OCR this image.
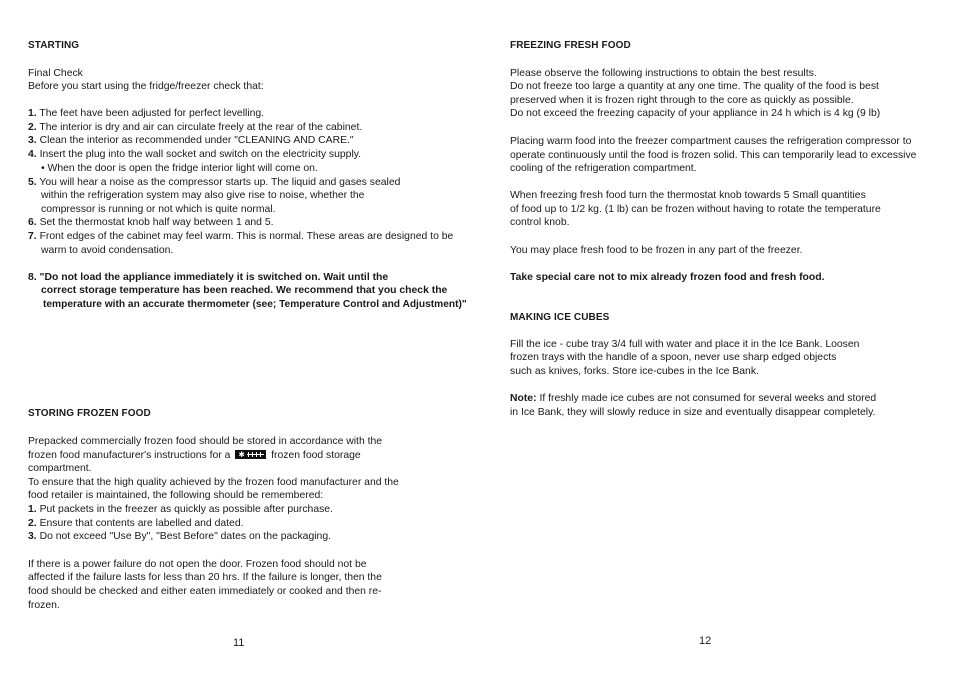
STARTING
Final Check
Before you start using the fridge/freezer check that:
1. The feet have been adjusted for perfect levelling.
2. The interior is dry and air can circulate freely at the rear of the cabinet.
3. Clean the interior as recommended under "CLEANING AND CARE."
4. Insert the plug into the wall socket and switch on the electricity supply.
• When the door is open the fridge interior light will come on.
5. You will hear a noise as the compressor starts up. The liquid and gases sealed
within the refrigeration system may also give rise to noise, whether the
compressor is running or not which is quite normal.
6. Set the thermostat knob half way between 1 and 5.
7. Front edges of the cabinet may feel warm. This is normal. These areas are designed to be
warm to avoid condensation.
8. "Do not load the appliance immediately it is switched on. Wait until the
correct storage temperature has been reached. We recommend that you check the
temperature with an accurate thermometer (see; Temperature Control and Adjustment)"
STORING FROZEN FOOD
Prepacked commercially frozen food should be stored in accordance with the
frozen food manufacturer's instructions for a ✱	frozen food storage
compartment.
To ensure that the high quality achieved by the frozen food manufacturer and the
food retailer is maintained, the following should be remembered:
1. Put packets in the freezer as quickly as possible after purchase.
2. Ensure that contents are labelled and dated.
3. Do not exceed "Use By", "Best Before" dates on the packaging.
If there is a power failure do not open the door. Frozen food should not be
affected if the failure lasts for less than 20 hrs. If the failure is longer, then the
food should be checked and either eaten immediately or cooked and then re-
frozen.
11
FREEZING FRESH FOOD
Please observe the following instructions to obtain the best results.
Do not freeze too large a quantity at any one time. The quality of the food is best
preserved when it is frozen right through to the core as quickly as possible.
Do not exceed the freezing capacity of your appliance in 24 h which is 4 kg (9 lb)
Placing warm food into the freezer compartment causes the refrigeration compressor to
operate continuously until the food is frozen solid. This can temporarily lead to excessive
cooling of the refrigeration compartment.
When freezing fresh food turn the thermostat knob towards 5 Small quantities
of food up to 1/2 kg. (1 lb) can be frozen without having to rotate the temperature
control knob.
You may place fresh food to be frozen in any part of the freezer.
Take special care not to mix already frozen food and fresh food.
MAKING ICE CUBES
Fill the ice - cube tray 3/4 full with water and place it in the Ice Bank. Loosen
frozen trays with the handle of a spoon, never use sharp edged objects
such as knives, forks. Store ice-cubes in the Ice Bank.
Note: If freshly made ice cubes are not consumed for several weeks and stored
in Ice Bank, they will slowly reduce in size and eventually disappear completely.
12
